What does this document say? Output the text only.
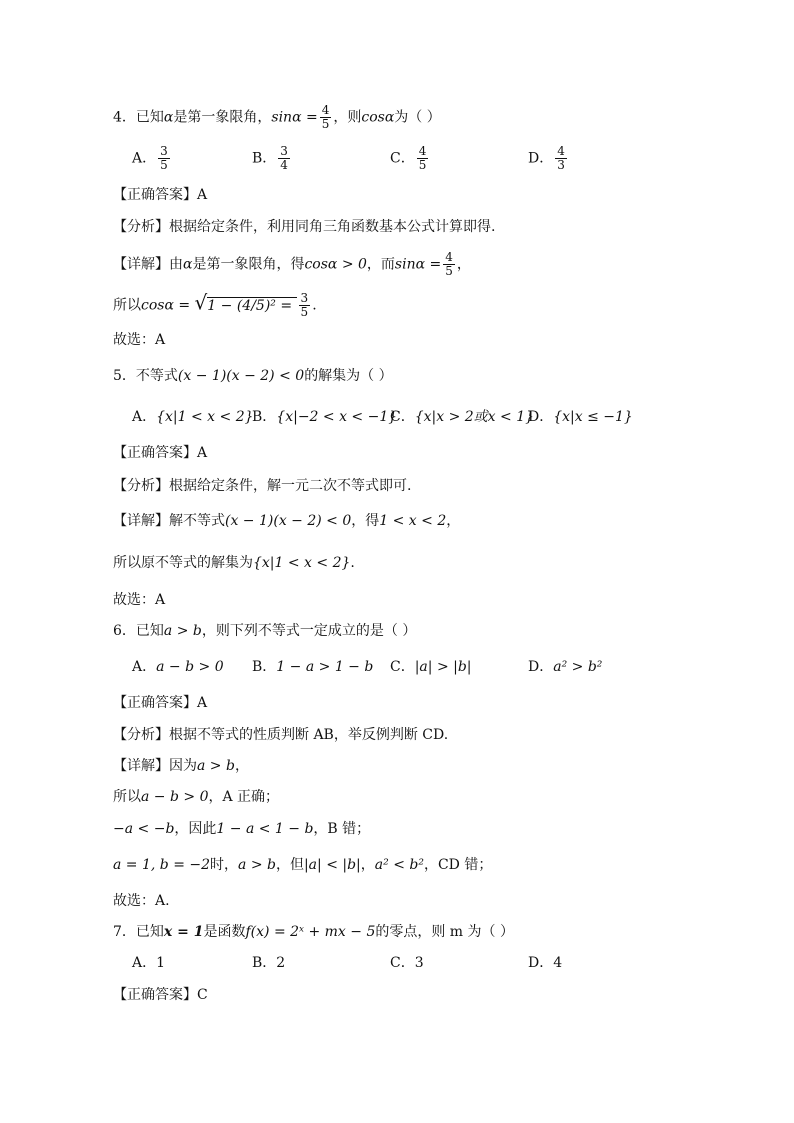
4．已知α是第一象限角，$\sin\alpha = \frac{4}{5}$ ，则cosα为（ ）
A． $\frac{3}{5}$	B． $\frac{3}{4}$	C． $\frac{4}{5}$	D． $\frac{4}{3}$
【正确答案】A
【分析】根据给定条件，利用同角三角函数基本公式计算即得.
【详解】由α是第一象限角，得cosα > 0，而$\sin\alpha = \frac{4}{5}$ ，
所以$\cos\alpha = √1 - (4/5)^2 = \frac{3}{5}$ .
故选：A
5．不等式(x − 1)(x − 2) < 0的解集为（ ）
A．{x|1 < x < 2}
B．{x|−2 < x < −1}
C．{x|x > 2或x < 1}
D．{x|x ≤ −1}
【正确答案】A
【分析】根据给定条件，解一元二次不等式即可.
【详解】解不等式(x − 1)(x − 2) < 0，得1 < x < 2，
所以原不等式的解集为{x|1 < x < 2}.
故选：A
6．已知a > b，则下列不等式一定成立的是（ ）
A．a − b > 0 B．1 − a > 1 − b C．|a| > |b|	D．a² > b²
【正确答案】A
【分析】根据不等式的性质判断 AB，举反例判断 CD.
【详解】因为a > b，
所以a − b > 0，A 正确；
−a < −b，因此1 − a < 1 − b，B 错；
a = 1, b = −2时，a > b，但|a| < |b|，a² < b²，CD 错；
故选：A.
7．已知x = 1是函数f(x) = 2ˣ + mx − 5的零点，则 m 为（ ）
A．1	B．2	C．3	D．4
【正确答案】C
